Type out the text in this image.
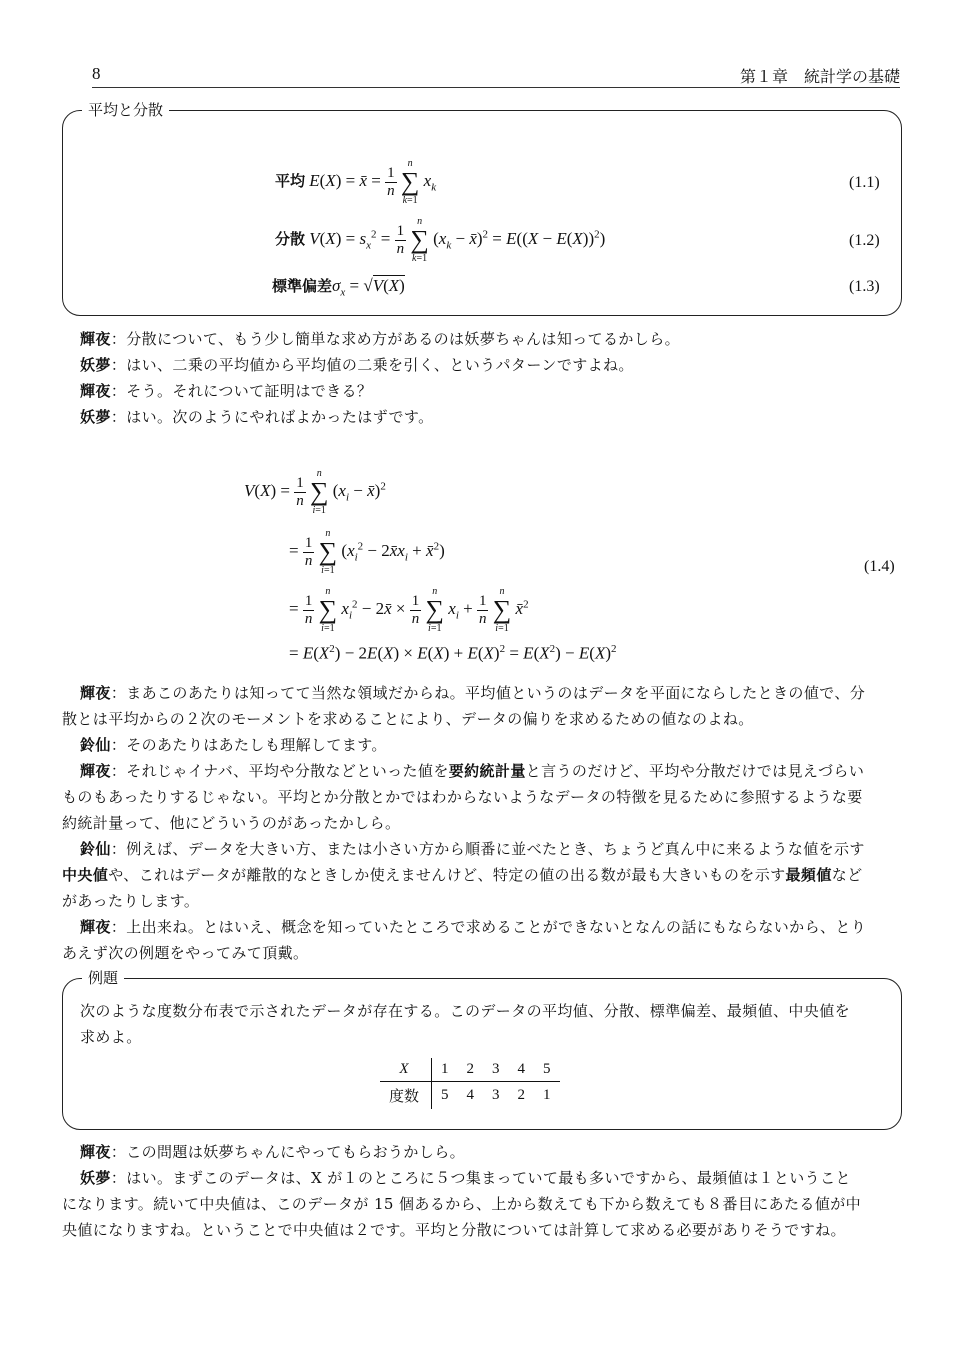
8	第１章　統計学の基礎
平均と分散
平均 E(X) = x̄ = $\frac{1}{n}$

n
∑
k=1
$x_k$	(1.1)
分散 $V(X) = s_x^2 = \frac{1}{n}$

n
∑
k=1
($x_k$ − x̄)$^2$ = $E((X - E(X))^2)$	(1.2)
標準偏差$\sigma_x = √V(X)$	(1.3)
輝夜：分散について、もう少し簡単な求め方があるのは妖夢ちゃんは知ってるかしら。
妖夢：はい、二乗の平均値から平均値の二乗を引く、というパターンですよね。
輝夜：そう。それについて証明はできる？
妖夢：はい。次のようにやればよかったはずです。
$V(X) = \frac{1}{n}$

n
∑
i=1
($x_i$ − x̄)$^2$
= $\frac{1}{n}$

n
∑
i=1
($x_i^2$ − $2x̄x_i$ + x̄$^2$)
(1.4)
= $\frac{1}{n}$

n
∑
i=1
$x_i^2$ − 2x̄ × $\frac{1}{n}$

n
∑
i=1
$x_i + \frac{1}{n}$

n
∑
i=1
x̄$^2$
= $E(X^2) - 2E(X) \times E(X) + E(X)^2 = E(X^2) - E(X)^2$
輝夜：まあこのあたりは知ってて当然な領域だからね。平均値というのはデータを平面にならしたときの値で、分
散とは平均からの２次のモーメントを求めることにより、データの偏りを求めるための値なのよね。
鈴仙：そのあたりはあたしも理解してます。
輝夜：それじゃイナバ、平均や分散などといった値を要約統計量と言うのだけど、平均や分散だけでは見えづらい
ものもあったりするじゃない。平均とか分散とかではわからないようなデータの特徴を見るために参照するような要
約統計量って、他にどういうのがあったかしら。
鈴仙：例えば、データを大きい方、または小さい方から順番に並べたとき、ちょうど真ん中に来るような値を示す
中央値や、これはデータが離散的なときしか使えませんけど、特定の値の出る数が最も大きいものを示す最頻値など
があったりします。
輝夜：上出来ね。とはいえ、概念を知っていたところで求めることができないとなんの話にもならないから、とり
あえず次の例題をやってみて頂戴。
例題
次のような度数分布表で示されたデータが存在する。このデータの平均値、分散、標準偏差、最頻値、中央値を
求めよ。
X	1	2	3	4	5
度数	5	4	3	2	1
輝夜：この問題は妖夢ちゃんにやってもらおうかしら。
妖夢：はい。まずこのデータは、X が１のところに５つ集まっていて最も多いですから、最頻値は１ということ
になります。続いて中央値は、このデータが 15 個あるから、上から数えても下から数えても８番目にあたる値が中
央値になりますね。ということで中央値は２です。平均と分散については計算して求める必要がありそうですね。
